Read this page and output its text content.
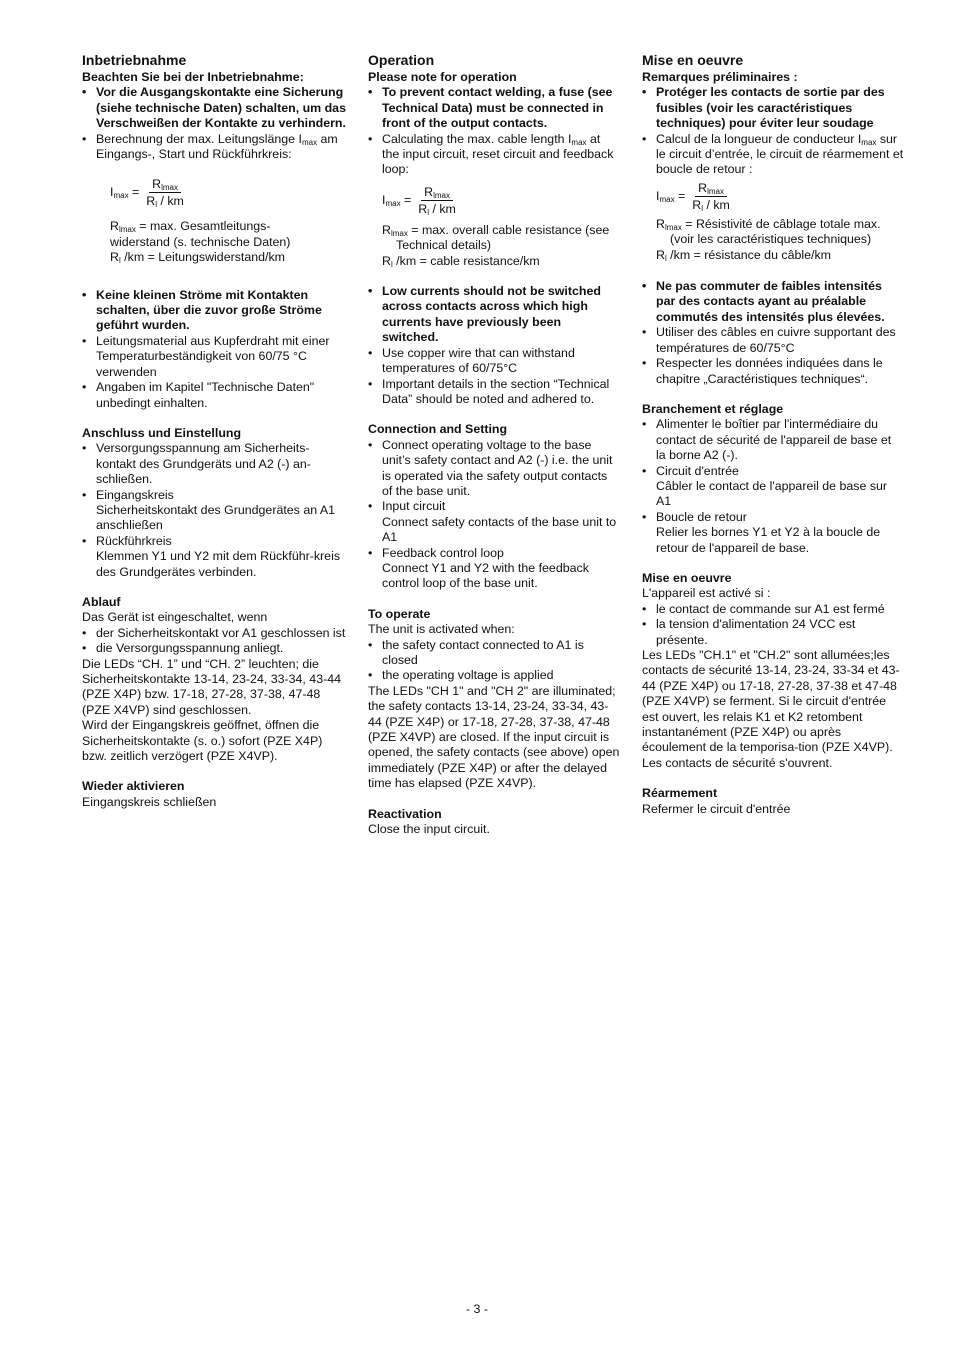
Inbetriebnahme
Beachten Sie bei der Inbetriebnahme:
• Vor die Ausgangskontakte eine Sicherung (siehe technische Daten) schalten, um das Verschweißen der Kontakte zu verhindern.
• Berechnung der max. Leitungslänge $I_{max}$ am Eingangs-, Start und Rückführkreis:
$I_{max} = \frac{R_{lmax}}{R_l / km}$

$R_{lmax} = \max$. Gesamtleitungs-

widerstand (s. technische Daten)

$R_l$ /km = Leitungswiderstand/km

• Keine kleinen Ströme mit Kontakten schalten, über die zuvor große Ströme geführt wurden.
• Leitungsmaterial aus Kupferdraht mit einer Temperaturbeständigkeit von 60/75 °C verwenden
• Angaben im Kapitel "Technische Daten" unbedingt einhalten.
Anschluss und Einstellung
• Versorgungsspannung am Sicherheits-kontakt des Grundgeräts und A2 (-) an-schließen.

• Eingangskreis

Sicherheitskontakt des Grundgerätes an A1 anschließen

• Rückführkreis

Klemmen Y1 und Y2 mit dem Rückführ-kreis des Grundgerätes verbinden.

Ablauf

Das Gerät ist eingeschaltet, wenn

• der Sicherheitskontakt vor A1 geschlossen ist
• die Versorgungsspannung anliegt.

Die LEDs “CH. 1” und “CH. 2” leuchten; die Sicherheitskontakte 13-14, 23-24, 33-34, 43-44 (PZE X4P) bzw. 17-18, 27-28, 37-38, 47-48 (PZE X4VP) sind geschlossen.
Wird der Eingangskreis geöffnet, öffnen die Sicherheitskontakte (s. o.) sofort (PZE X4P) bzw. zeitlich verzögert (PZE X4VP).

Wieder aktivieren

Eingangskreis schließen

Operation
Please note for operation
• To prevent contact welding, a fuse (see Technical Data) must be connected in front of the output contacts.
• Calculating the max. cable length $I_{max}$ at the input circuit, reset circuit and feedback loop:
$I_{max} = \frac{R_{lmax}}{R_l / km}$

$R_{lmax} = \max$. overall cable resistance (see

Technical details)

$R_l$ /km = cable resistance/km

• Low currents should not be switched across contacts across which high currents have previously been switched.
• Use copper wire that can withstand temperatures of 60/75°C
• Important details in the section “Technical Data” should be noted and adhered to.
Connection and Setting
• Connect operating voltage to the base unit’s safety contact and A2 (-) i.e. the unit is operated via the safety output contacts of the base unit.

• Input circuit

Connect safety contacts of the base unit to A1

• Feedback control loop

Connect Y1 and Y2 with the feedback control loop of the base unit.

To operate

The unit is activated when:

• the safety contact connected to A1 is closed
• the operating voltage is applied

The LEDs "CH 1" and "CH 2" are illuminated; the safety contacts 13-14, 23-24, 33-34, 43-44 (PZE X4P) or 17-18, 27-28, 37-38, 47-48 (PZE X4VP) are closed. If the input circuit is opened, the safety contacts (see above) open immediately (PZE X4P) or after the delayed time has elapsed (PZE X4VP).

Reactivation

Close the input circuit.

Mise en oeuvre
Remarques préliminaires :
• Protéger les contacts de sortie par des fusibles (voir les caractéristiques techniques) pour éviter leur soudage
• Calcul de la longueur de conducteur $I_{max}$ sur le circuit d’entrée, le circuit de réarmement et boucle de retour :
$I_{max} = \frac{R_{lmax}}{R_l / km}$

$R_{lmax}$ = Résistivité de câblage totale max.

(voir les caractéristiques techniques)

$R_l$ /km = résistance du câble/km

• Ne pas commuter de faibles intensités par des contacts ayant au préalable commutés des intensités plus élevées.
• Utiliser des câbles en cuivre supportant des températures de 60/75°C
• Respecter les données indiquées dans le chapitre „Caractéristiques techniques“.
Branchement et réglage
• Alimenter le boîtier par l'intermédiaire du contact de sécurité de l'appareil de base et la borne A2 (-).

• Circuit d'entrée

Câbler le contact de l'appareil de base sur A1

• Boucle de retour

Relier les bornes Y1 et Y2 à la boucle de retour de l'appareil de base.

Mise en oeuvre

L'appareil est activé si :

• le contact de commande sur A1 est fermé
• la tension d'alimentation 24 VCC est présente.

Les LEDs "CH.1" et "CH.2" sont allumées;les contacts de sécurité 13-14, 23-24, 33-34 et 43-44 (PZE X4P) ou 17-18, 27-28, 37-38 et 47-48 (PZE X4VP) se ferment. Si le circuit d'entrée est ouvert, les relais K1 et K2 retombent instantanément (PZE X4P) ou après écoulement de la temporisa-tion (PZE X4VP). Les contacts de sécurité s'ouvrent.

Réarmement

Refermer le circuit d'entrée

- 3 -
